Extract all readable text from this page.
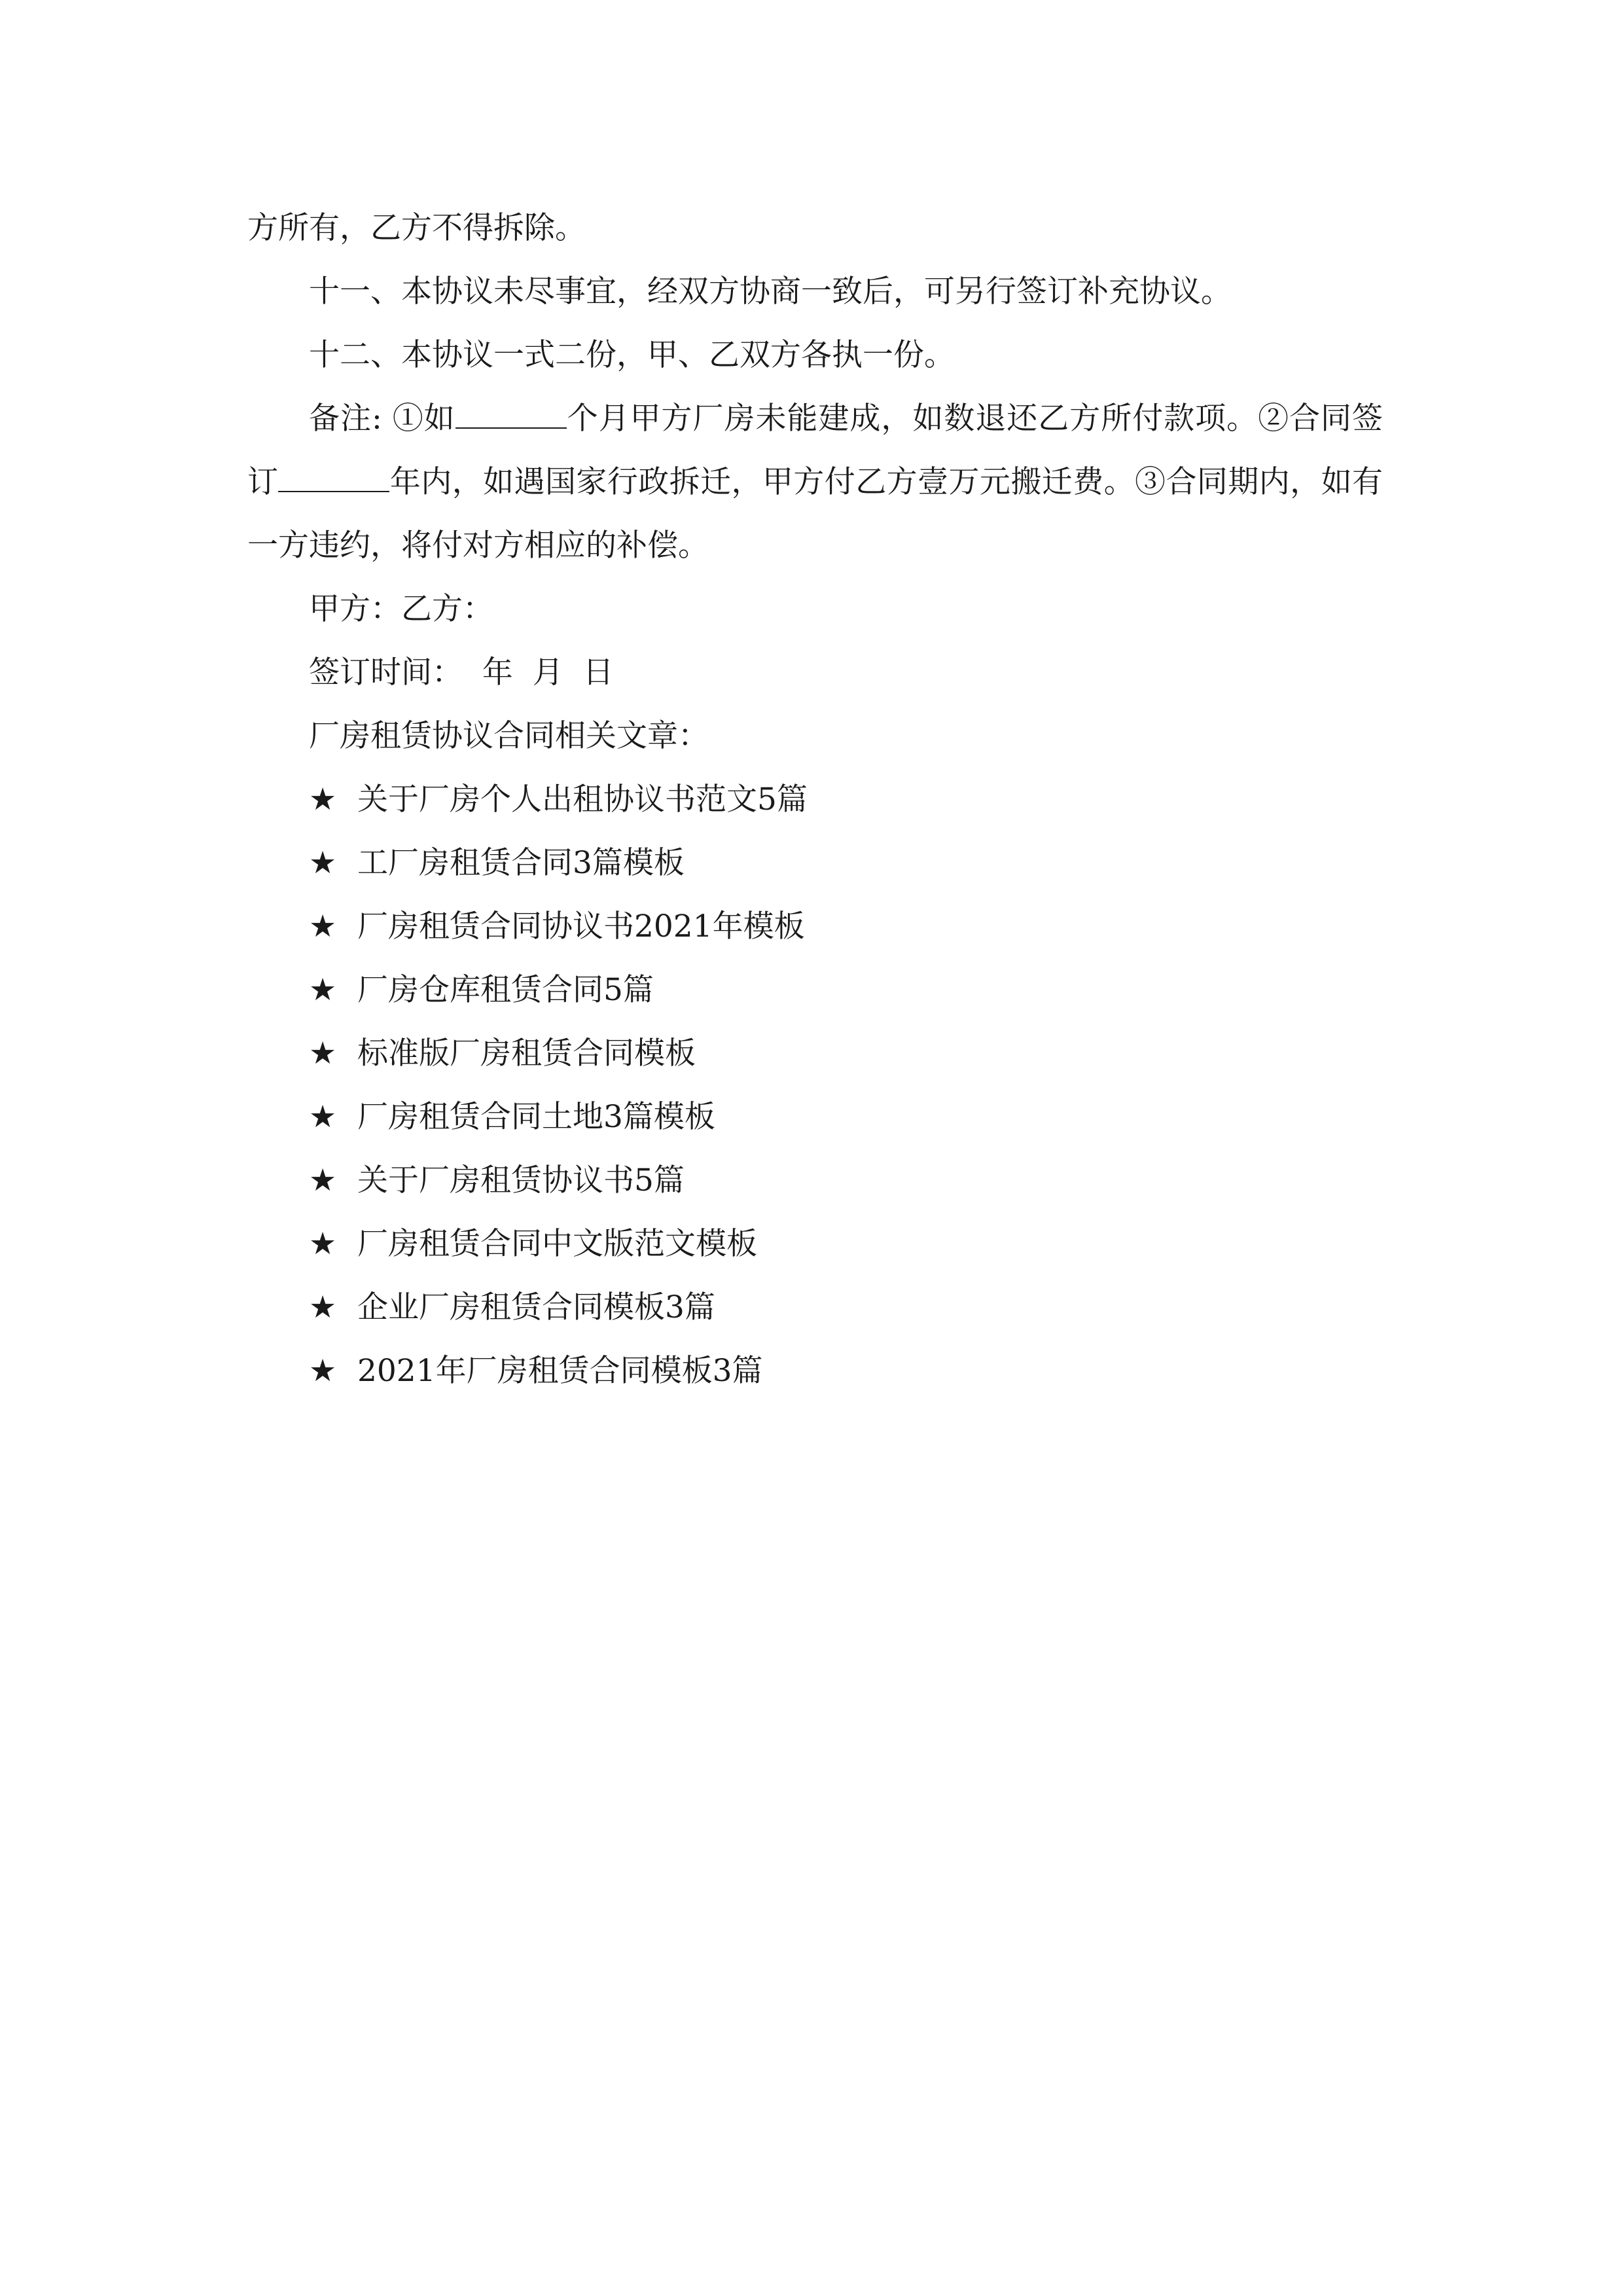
方所有，乙方不得拆除。

十一、本协议未尽事宜，经双方协商一致后，可另行签订补充协议。

十二、本协议一式二份，甲、乙双方各执一份。

备注: ①如	个月甲方厂房未能建成，如数退还乙方所付款项。②合同签订	年内，如遇国家行政拆迁，甲方付乙方壹万元搬迁费。③合同期内，如有一方违约，将付对方相应的补偿。

甲方：乙方：

签订时间：  年  月  日

厂房租赁协议合同相关文章：

★ 关于厂房个人出租协议书范文5篇
★ 工厂房租赁合同3篇模板
★ 厂房租赁合同协议书2021年模板
★ 厂房仓库租赁合同5篇
★ 标准版厂房租赁合同模板
★ 厂房租赁合同土地3篇模板
★ 关于厂房租赁协议书5篇
★ 厂房租赁合同中文版范文模板
★ 企业厂房租赁合同模板3篇
★ 2021年厂房租赁合同模板3篇
